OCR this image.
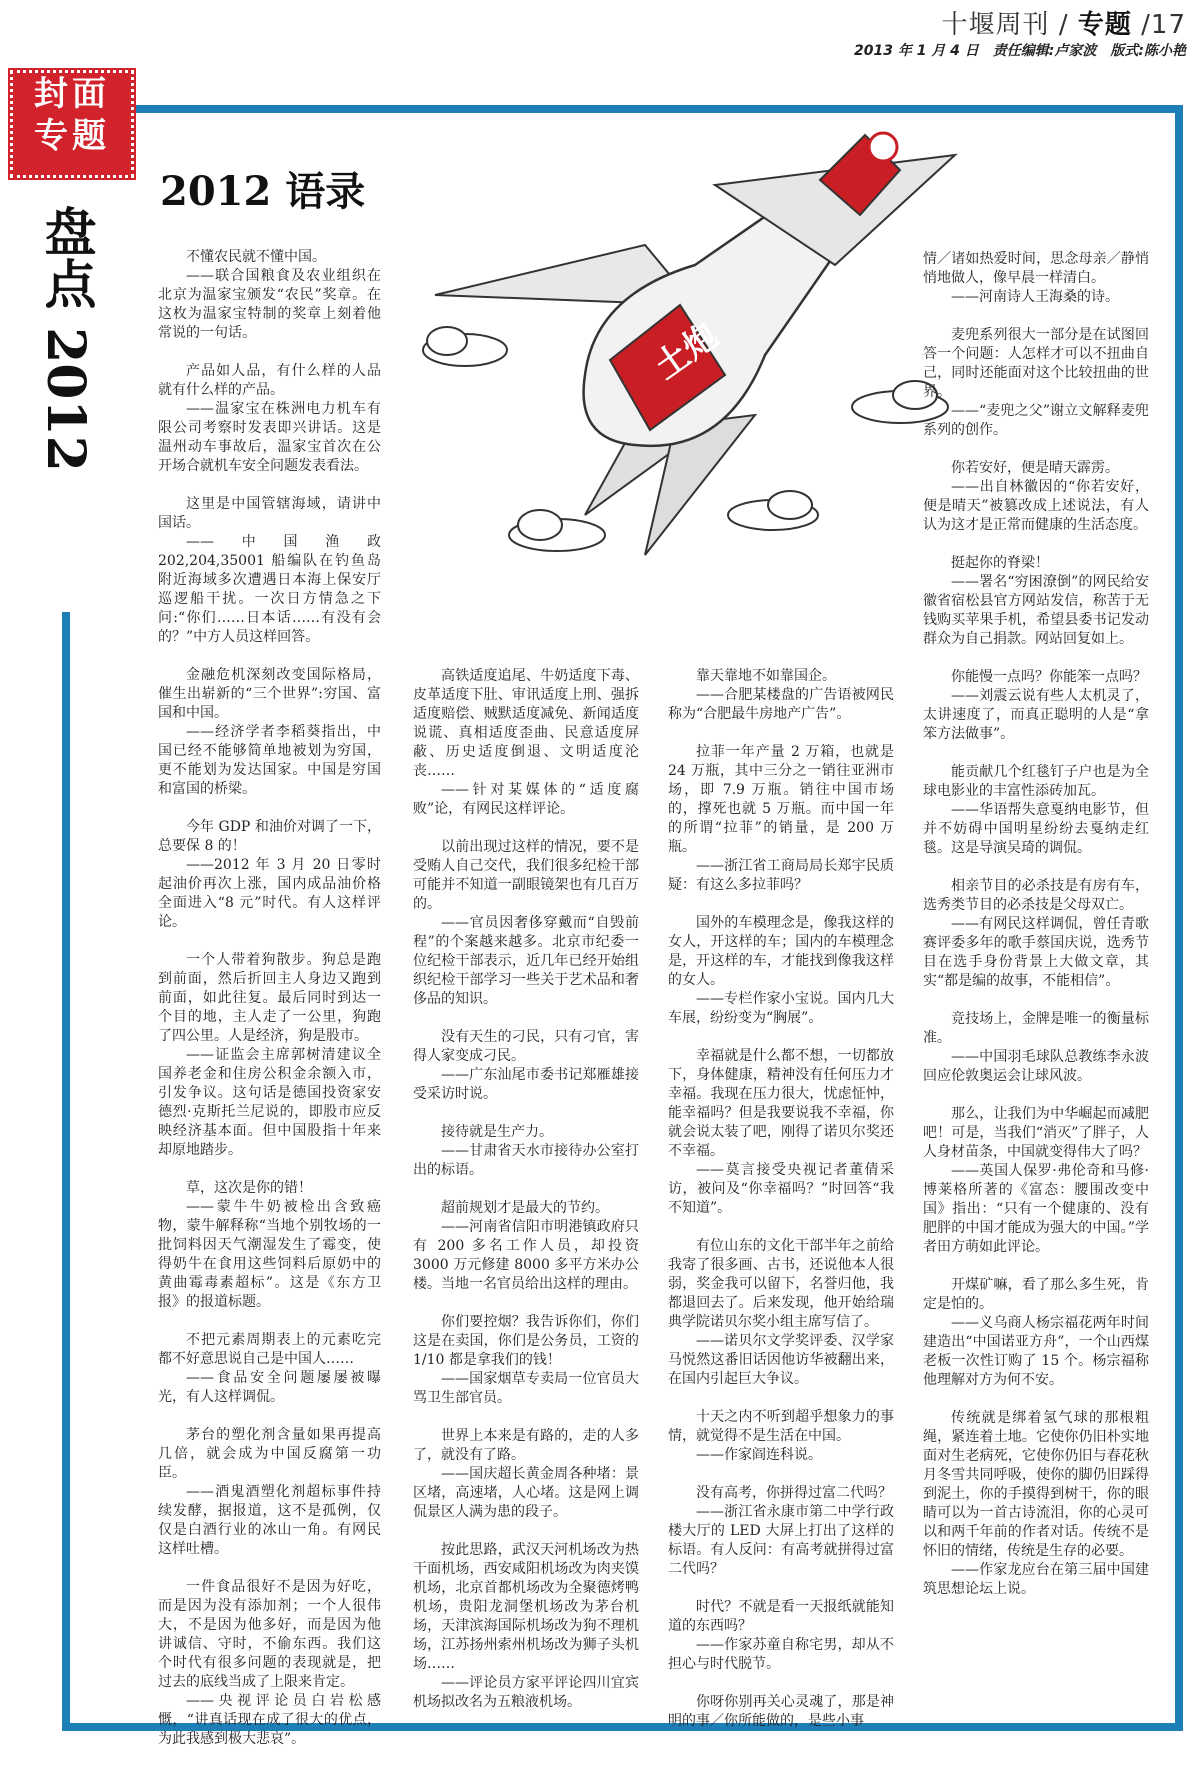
十堰周刊 / 专题 /17
2013 年 1 月 4 日　责任编辑:卢家波　版式:陈小艳
封面
专题
盘点 2012
2012 语录
土炮
不懂农民就不懂中国。
——联合国粮食及农业组织在北京为温家宝颁发“农民”奖章。在这枚为温家宝特制的奖章上刻着他常说的一句话。
产品如人品，有什么样的人品就有什么样的产品。
——温家宝在株洲电力机车有限公司考察时发表即兴讲话。这是温州动车事故后，温家宝首次在公开场合就机车安全问题发表看法。
这里是中国管辖海域，请讲中国话。
——中国渔政 202,204,35001 船编队在钓鱼岛附近海域多次遭遇日本海上保安厅巡逻船干扰。一次日方情急之下问:“你们……日本话……有没有会的？”中方人员这样回答。
金融危机深刻改变国际格局，催生出崭新的“三个世界”:穷国、富国和中国。
——经济学者李稻葵指出，中国已经不能够简单地被划为穷国，更不能划为发达国家。中国是穷国和富国的桥梁。
今年 GDP 和油价对调了一下，总要保 8 的！
——2012 年 3 月 20 日零时起油价再次上涨，国内成品油价格全面进入“8 元”时代。有人这样评论。
一个人带着狗散步。狗总是跑到前面，然后折回主人身边又跑到前面，如此往复。最后同时到达一个目的地，主人走了一公里，狗跑了四公里。人是经济，狗是股市。
——证监会主席郭树清建议全国养老金和住房公积金余额入市，引发争议。这句话是德国投资家安德烈·克斯托兰尼说的，即股市应反映经济基本面。但中国股指十年来却原地踏步。
草，这次是你的错！
——蒙牛牛奶被检出含致癌物，蒙牛解释称“当地个别牧场的一批饲料因天气潮湿发生了霉变，使得奶牛在食用这些饲料后原奶中的黄曲霉毒素超标”。这是《东方卫报》的报道标题。
不把元素周期表上的元素吃完都不好意思说自己是中国人……
——食品安全问题屡屡被曝光，有人这样调侃。
茅台的塑化剂含量如果再提高几倍，就会成为中国反腐第一功臣。
——酒鬼酒塑化剂超标事件持续发酵，据报道，这不是孤例，仅仅是白酒行业的冰山一角。有网民这样吐槽。
一件食品很好不是因为好吃，而是因为没有添加剂；一个人很伟大，不是因为他多好，而是因为他讲诚信、守时，不偷东西。我们这个时代有很多问题的表现就是，把过去的底线当成了上限来肯定。
——央视评论员白岩松感慨，“讲真话现在成了很大的优点，为此我感到极大悲哀”。
高铁适度追尾、牛奶适度下毒、皮革适度下肚、审讯适度上刑、强拆适度赔偿、贼默适度减免、新闻适度说谎、真相适度歪曲、民意适度屏蔽、历史适度倒退、文明适度沦丧……
——针对某媒体的“适度腐败”论，有网民这样评论。
以前出现过这样的情况，要不是受贿人自己交代，我们很多纪检干部可能并不知道一副眼镜架也有几百万的。
——官员因奢侈穿戴而“自毁前程”的个案越来越多。北京市纪委一位纪检干部表示，近几年已经开始组织纪检干部学习一些关于艺术品和奢侈品的知识。
没有天生的刁民，只有刁官，害得人家变成刁民。
——广东汕尾市委书记郑雁雄接受采访时说。
接待就是生产力。
——甘肃省天水市接待办公室打出的标语。
超前规划才是最大的节约。
——河南省信阳市明港镇政府只有 200 多名工作人员，却投资 3000 万元修建 8000 多平方米办公楼。当地一名官员给出这样的理由。
你们要控烟？我告诉你们，你们这是在卖国，你们是公务员，工资的 1/10 都是拿我们的钱！
——国家烟草专卖局一位官员大骂卫生部官员。
世界上本来是有路的，走的人多了，就没有了路。
——国庆超长黄金周各种堵：景区堵，高速堵，人心堵。这是网上调侃景区人满为患的段子。
按此思路，武汉天河机场改为热干面机场，西安咸阳机场改为肉夹馍机场，北京首都机场改为全聚德烤鸭机场，贵阳龙洞堡机场改为茅台机场，天津滨海国际机场改为狗不理机场，江苏扬州索州机场改为狮子头机场……
——评论员方家平评论四川宜宾机场拟改名为五粮液机场。
靠天靠地不如靠国企。
——合肥某楼盘的广告语被网民称为“合肥最牛房地产广告”。
拉菲一年产量 2 万箱，也就是 24 万瓶，其中三分之一销往亚洲市场，即 7.9 万瓶。销往中国市场的，撑死也就 5 万瓶。而中国一年的所谓“拉菲”的销量，是 200 万瓶。
——浙江省工商局局长郑宇民质疑：有这么多拉菲吗？
国外的车模理念是，像我这样的女人，开这样的车；国内的车模理念是，开这样的车，才能找到像我这样的女人。
——专栏作家小宝说。国内几大车展，纷纷变为“胸展”。
幸福就是什么都不想，一切都放下，身体健康，精神没有任何压力才幸福。我现在压力很大，忧虑怔忡，能幸福吗？但是我要说我不幸福，你就会说太装了吧，刚得了诺贝尔奖还不幸福。
——莫言接受央视记者董倩采访，被问及“你幸福吗？”时回答“我不知道”。
有位山东的文化干部半年之前给我寄了很多画、古书，还说他本人很弱，奖金我可以留下，名誉归他，我都退回去了。后来发现，他开始给瑞典学院诺贝尔奖小组主席写信了。
——诺贝尔文学奖评委、汉学家马悦然这番旧话因他访华被翻出来，在国内引起巨大争议。
十天之内不听到超乎想象力的事情，就觉得不是生活在中国。
——作家阎连科说。
没有高考，你拼得过富二代吗？
——浙江省永康市第二中学行政楼大厅的 LED 大屏上打出了这样的标语。有人反问：有高考就拼得过富二代吗？
时代？不就是看一天报纸就能知道的东西吗？
——作家苏童自称宅男，却从不担心与时代脱节。
你呀你别再关心灵魂了，那是神明的事／你所能做的，是些小事
情／诸如热爱时间，思念母亲／静悄悄地做人，像早晨一样清白。
——河南诗人王海桑的诗。
麦兜系列很大一部分是在试图回答一个问题：人怎样才可以不扭曲自己，同时还能面对这个比较扭曲的世界。
——“麦兜之父”谢立文解释麦兜系列的创作。
你若安好，便是晴天霹雳。
——出自林徽因的“你若安好，便是晴天”被篡改成上述说法，有人认为这才是正常而健康的生活态度。
挺起你的脊梁！
——署名“穷困潦倒”的网民给安徽省宿松县官方网站发信，称苦于无钱购买苹果手机，希望县委书记发动群众为自己捐款。网站回复如上。
你能慢一点吗？你能笨一点吗？
——刘震云说有些人太机灵了，太讲速度了，而真正聪明的人是“拿笨方法做事”。
能贡献几个红毯钉子户也是为全球电影业的丰富性添砖加瓦。
——华语帮失意戛纳电影节，但并不妨碍中国明星纷纷去戛纳走红毯。这是导演吴琦的调侃。
相亲节目的必杀技是有房有车，选秀类节目的必杀技是父母双亡。
——有网民这样调侃，曾任青歌赛评委多年的歌手蔡国庆说，选秀节目在选手身份背景上大做文章，其实“都是编的故事，不能相信”。
竞技场上，金牌是唯一的衡量标准。
——中国羽毛球队总教练李永波回应伦敦奥运会让球风波。
那么，让我们为中华崛起而减肥吧！可是，当我们“消灭”了胖子，人人身材苗条，中国就变得伟大了吗？
——英国人保罗·弗伦奇和马修·博莱格所著的《富态：腰围改变中国》指出：“只有一个健康的、没有肥胖的中国才能成为强大的中国。”学者田方萌如此评论。
开煤矿嘛，看了那么多生死，肯定是怕的。
——义乌商人杨宗福花两年时间建造出“中国诺亚方舟”，一个山西煤老板一次性订购了 15 个。杨宗福称他理解对方为何不安。
传统就是绑着氢气球的那根粗绳，紧连着土地。它使你仍旧朴实地面对生老病死，它使你仍旧与春花秋月冬雪共同呼吸，使你的脚仍旧踩得到泥土，你的手摸得到树干，你的眼睛可以为一首古诗流泪，你的心灵可以和两千年前的作者对话。传统不是怀旧的情绪，传统是生存的必要。
——作家龙应台在第三届中国建筑思想论坛上说。
